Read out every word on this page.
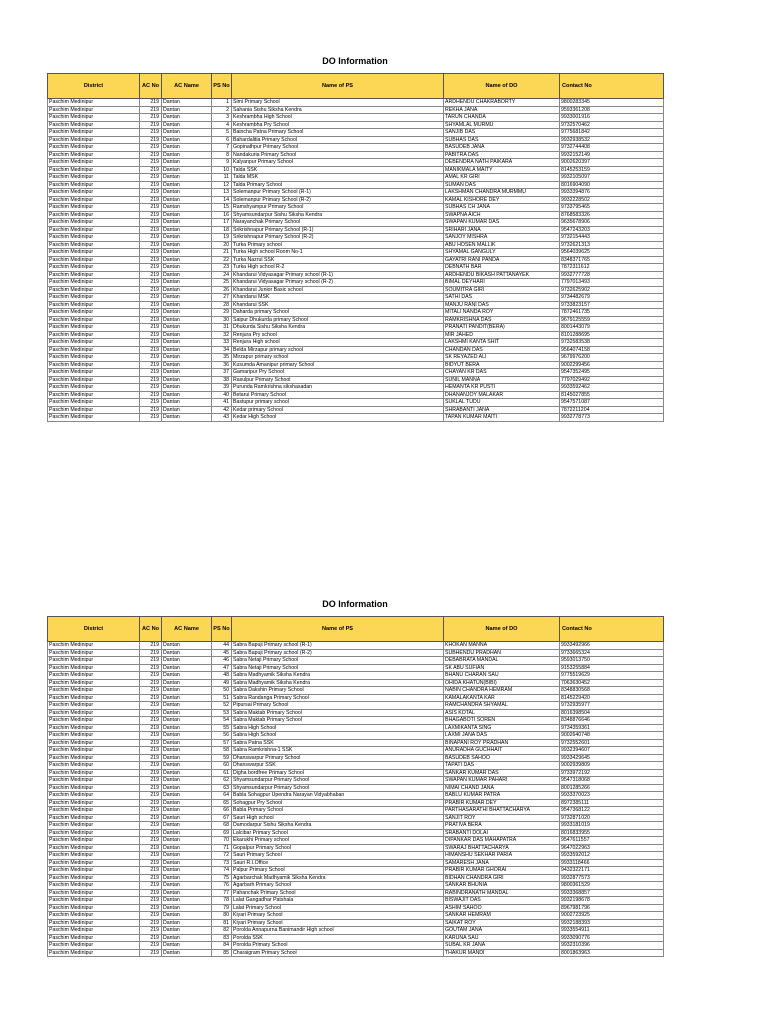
DO Information
District	AC No	AC Name	PS No	Name of PS	Name of DO	Contact No
Paschim Medinipur	219	Dantan	1	Simi Primary School	ARDHENDU CHAKRABORTY	9800283345
Paschim Medinipur	219	Dantan	2	Sahania Sishu Siksha Kendra	REKHA JANA	9593361208
Paschim Medinipur	219	Dantan	3	Keshrambha High School	TARUN CHANDA	9933001916
Paschim Medinipur	219	Dantan	4	Keshrambha Pry School	SHYAMLAL MURMU	9732570462
Paschim Medinipur	219	Dantan	5	Baincha Patna Primary School	SANJIB DAS	9775681842
Paschim Medinipur	219	Dantan	6	Bahardalitia Primary School	SUBHAS DAS	9932938532
Paschim Medinipur	219	Dantan	7	Gopinathpur Primary School	BASUDEB JANA	9732744408
Paschim Medinipur	219	Dantan	8	Nandakuria Primary School	PABITRA DAS	9932152149
Paschim Medinipur	219	Dantan	9	Kalyanpur Primary School	DEBENDRA NATH PAIKARA	9002620397
Paschim Medinipur	219	Dantan	10	Talda SSK	MANIKMALA MAITY	8145253159
Paschim Medinipur	219	Dantan	11	Talda MSK	AMAL KR GIRI	9932105097
Paschim Medinipur	219	Dantan	12	Talda Primary School	SUMAN DAS	8016904090
Paschim Medinipur	219	Dantan	13	Solemanpur Primary School (R-1)	LAKSHMAN CHANDRA MURMMU	9933394876
Paschim Medinipur	219	Dantan	14	Solemanpur Primary School (R-2)	KAMAL KISHORE DEY	9932228502
Paschim Medinipur	219	Dantan	15	Ramshyampur Primary School	SUBHAS CH JANA	9733795465
Paschim Medinipur	219	Dantan	16	Shyamsundarpur Sishu Siksha Kendra	SWAPNA AICH	8768583326
Paschim Medinipur	219	Dantan	17	Narayanchak Primary School	SWAPAN KUMAR DAS	9635678906
Paschim Medinipur	219	Dantan	18	Srikrishnapur Primary School (R-1)	SRIHARI JANA	9547243203
Paschim Medinipur	219	Dantan	19	Srikrishnapur Primary School (R-2)	SANJOY MISHRA	9732154443
Paschim Medinipur	219	Dantan	20	Turka Primary school	ABU HOSEN MALLIK	9732621313
Paschim Medinipur	219	Dantan	21	Turka High school Room No-1	SHYAMAL GANGULY	9564039625
Paschim Medinipur	219	Dantan	22	Turka Nazrul SSK	GAYATRI RANI PANDA	8348371765
Paschim Medinipur	219	Dantan	23	Turka High school R-2	DEBNATH BAR	7872311612
Paschim Medinipur	219	Dantan	24	Khandarui Vidyasagar Primary school (R-1)	ARDHENDU BIKASH PATTANAYEK	9932777728
Paschim Medinipur	219	Dantan	25	Khandarui Vidyasagar Primary school (R-2)	BIMAL DEYHARI	7797013493
Paschim Medinipur	219	Dantan	26	Khandarui Junior Basic school	SOUMITRA GIRI	9732625902
Paschim Medinipur	219	Dantan	27	Khandarui MSK	SATHI DAS	9734482679
Paschim Medinipur	219	Dantan	28	Khandarui SSK	MANJU RANI DAS	9733823157
Paschim Medinipur	219	Dantan	29	Daharda primary School	MITALI NANDA ROY	7872461735
Paschim Medinipur	219	Dantan	30	Saipur Dhukurda primary School	RAMKRISHNA DAS	9679125559
Paschim Medinipur	219	Dantan	31	Dhukurda Sishu Siksha Kendra	PRANATI PANDIT(BERA)	8001443079
Paschim Medinipur	219	Dantan	32	Renjura Pry school	MIR JAHED	8101288695
Paschim Medinipur	219	Dantan	33	Renjura High school	LAKSHMI KANTA SHIT	9732583538
Paschim Medinipur	219	Dantan	34	Belda Mirzapur primary school	CHANDAN DAS	9564074158
Paschim Medinipur	219	Dantan	35	Mirzapur primary school	SK REYAZED ALI	9679976200
Paschim Medinipur	219	Dantan	36	Kusumda Amanipur primary School	BIDYUT BERA	9002299456
Paschim Medinipur	219	Dantan	37	Gamaripur Pry School	CHAYAN KR DAS	9547352495
Paschim Medinipur	219	Dantan	38	Rasulpur Primary School	SUNIL MANNA	7797029492
Paschim Medinipur	219	Dantan	39	Purunda Ramkrishna sikshasadan	HEMANTA KR PUSTI	9933592462
Paschim Medinipur	219	Dantan	40	Betarui Primary School	DHANANJOY MALAKAR	8145027855
Paschim Medinipur	219	Dantan	41	Bastupur primary school	SUKLAL TUDU	9547571087
Paschim Medinipur	219	Dantan	42	Kedar primary School	SHRABANTI JANA	7872211204
Paschim Medinipur	219	Dantan	43	Kedar High School	TAPAN KUMAR MAITI	9932778773
DO Information
District	AC No	AC Name	PS No	Name of PS	Name of DO	Contact No
Paschim Medinipur	219	Dantan	44	Sabra Bapuji Primary school (R-1)	KHOKAN MANNA	9933492966
Paschim Medinipur	219	Dantan	45	Sabra Bapuji Primary school (R-2)	SUBHENDU PRADHAN	9733665324
Paschim Medinipur	219	Dantan	46	Sabra Netaji Primary School	DEBABRATA MANDAL	9593013750
Paschim Medinipur	219	Dantan	47	Sabra Netaji Primary School	SK ABU SUFIAN	9153255884
Paschim Medinipur	219	Dantan	48	Sabra Madhyamik Siksha Kendra	BHANU CHARAN SAU	9775519629
Paschim Medinipur	219	Dantan	49	Sabra Madhyamik Siksha Kendra	OHIDA KHATUN(BIBI)	7063630452
Paschim Medinipur	219	Dantan	50	Sabra Dakshin Primary School	NABIN CHANDRA HEMRAM	8348830568
Paschim Medinipur	219	Dantan	51	Sabra Randanga Primary School	KAMALAKANTA KAR	8145229420
Paschim Medinipur	219	Dantan	52	Pipursai Primary School	RAMCHANDRA SHYAMAL	9732935977
Paschim Medinipur	219	Dantan	53	Sabra Maktab Primary School	ASIS KOTAL	8016398504
Paschim Medinipur	219	Dantan	54	Sabra Maktab Primary School	BHAGABOTI SOREN	8348876646
Paschim Medinipur	219	Dantan	55	Sabra High School	LAXMIKANTA SING	9734359361
Paschim Medinipur	219	Dantan	56	Sabra High School	LAXMI JANA DAS	9002640748
Paschim Medinipur	219	Dantan	57	Sabra Patna SSK	BINAPANI ROY PRADHAN	9732552601
Paschim Medinipur	219	Dantan	58	Sabra Ramkrishna-1 SSK	ANURADHA GUCHHAIT	9932394607
Paschim Medinipur	219	Dantan	59	Dhanswarpur Primary School	BASUDEB SAHOO	9933429645
Paschim Medinipur	219	Dantan	60	Dhanswarpur SSK	TAPATI DAS	9002939809
Paschim Medinipur	219	Dantan	61	Digha bordfree Primary School	SANKAR KUMAR DAS	9733972192
Paschim Medinipur	219	Dantan	62	Shyamsundarpur Primary School	SWAPAN KUMAR PAHARI	9547318068
Paschim Medinipur	219	Dantan	63	Shyamsundarpur Primary School	NIMAI CHAND JANA	8001285266
Paschim Medinipur	219	Dantan	64	Babla Sohagpur Upendra Narayan Vidyabhaban	BABLU KUMAR PATRA	9933370023
Paschim Medinipur	219	Dantan	65	Sohagpur Pry School	PRABIR KUMAR DEY	8972385111
Paschim Medinipur	219	Dantan	66	Babla Primary School	PARTHASARATHI BHATTACHARYA	9547368122
Paschim Medinipur	219	Dantan	67	Sauri High school	SANJIT ROY	9732871020
Paschim Medinipur	219	Dantan	68	Damodarpur Sishu Siksha Kendra	PRATIVA BERA	9933181019
Paschim Medinipur	219	Dantan	69	Lalcibar Primary School	SRABANTI DOLAI	8016833955
Paschim Medinipur	219	Dantan	70	Ekarukhi Primary school	DIPANKAR DAS MAHAPATRA	9547611557
Paschim Medinipur	219	Dantan	71	Gopalpur Primary School	SWARAJ BHATTACHARYA	9647022963
Paschim Medinipur	219	Dantan	72	Sauri Primary School	HIMANSHU SEKHAR PARIA	9933592012
Paschim Medinipur	219	Dantan	73	Sauri R.I.Office	SAMARESH JANA	9933118466
Paschim Medinipur	219	Dantan	74	Palpur Primary School	PRABIR KUMAR GHORAI	9432322171
Paschim Medinipur	219	Dantan	75	Agarbarchak Madhyamik Siksha Kendra	BIDHAN CHANDRA GIRI	9932877573
Paschim Medinipur	219	Dantan	76	Agarbarh Primary School	SANKAR BHUNIA	9800361529
Paschim Medinipur	219	Dantan	77	Pahanchak Primary School	RABINDRANATH MANDAL	9933368857
Paschim Medinipur	219	Dantan	78	Lalat Gangadhar Patshala	BISWAJIT DAS	9932198678
Paschim Medinipur	219	Dantan	79	Lalat Primary School	ASHIM SAHOO	8967981796
Paschim Medinipur	219	Dantan	80	Kiyari Primary School	SANKAR HEMRAM	9002723925
Paschim Medinipur	219	Dantan	81	Kiyari Primary School	SAIKAT ROY	9932188393
Paschim Medinipur	219	Dantan	82	Porolda Annapurna Banimandir High school	GOUTAM JANA	9933554911
Paschim Medinipur	219	Dantan	83	Porolda SSK	KARUNA SAU	9933090776
Paschim Medinipur	219	Dantan	84	Porolda Primary School	SUBAL KR JANA	9932310396
Paschim Medinipur	219	Dantan	85	Charaigram Primary School	THAKUR MANDI	8001863963
